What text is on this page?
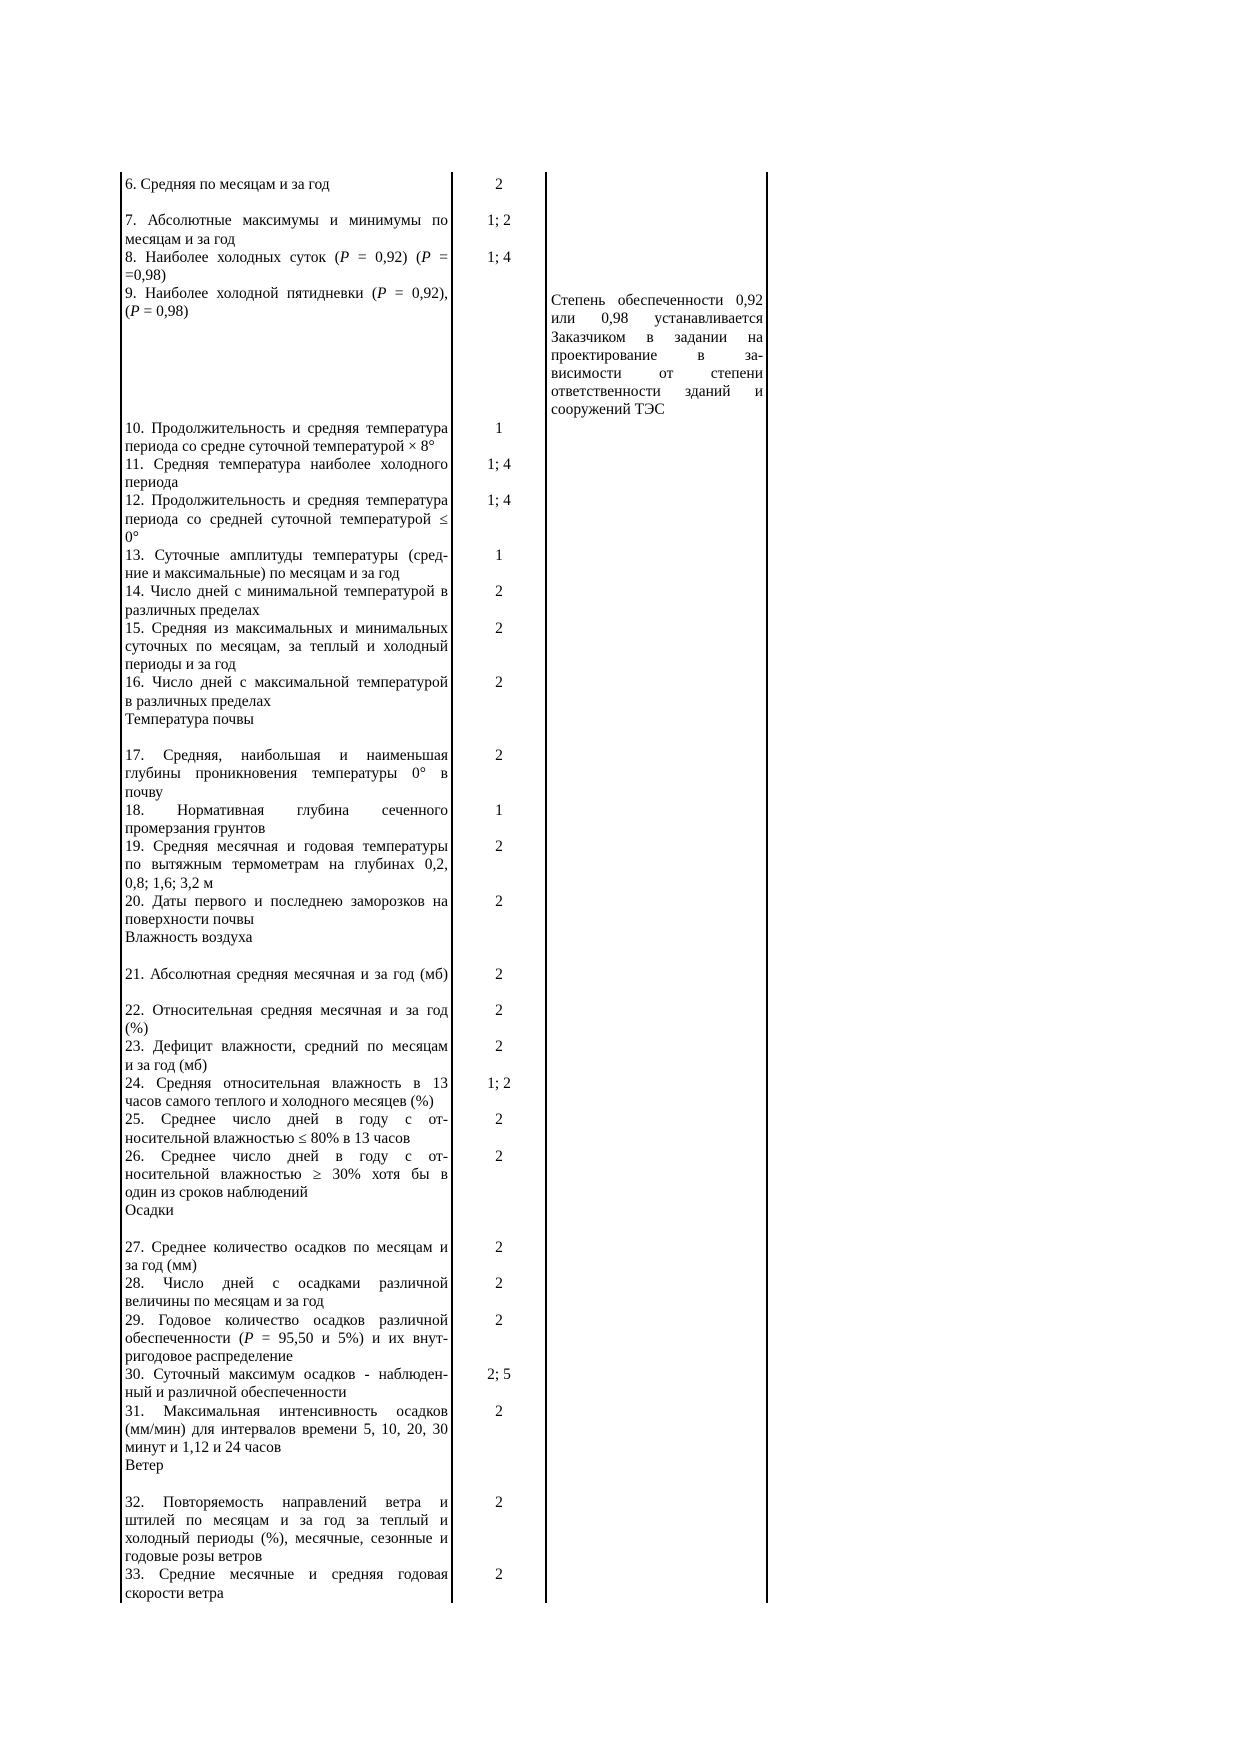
6. Средняя по месяцам и за год	2
7. Абсолютные максимумы и минимумы по
месяцам и за год
1; 2
8. Наиболее холодных суток (P = 0,92) (P =
=0,98)
1; 4
9. Наиболее холодной пятидневки (P = 0,92),
(P = 0,98)
Степень обеспеченности 0,92
или 0,98 устанавливается
Заказчиком в задании на
проектирование в за-
висимости от степени
ответственности зданий и
сооружений ТЭС
10. Продолжительность и средняя температура
периода со средне суточной температурой × 8°
1
11. Средняя температура наиболее холодного
периода
1; 4
12. Продолжительность и средняя температура
периода со средней суточной температурой ≤
0°
1; 4
13. Суточные амплитуды температуры (сред-
ние и максимальные) по месяцам и за год
1
14. Число дней с минимальной температурой в
различных пределах
2
15. Средняя из максимальных и минимальных
суточных по месяцам, за теплый и холодный
периоды и за год
2
16. Число дней с максимальной температурой
в различных пределах
2
Температура почвы
17. Средняя, наибольшая и наименьшая
глубины проникновения температуры 0° в
почву
2
18. Нормативная глубина сеченного
промерзания грунтов
1
19. Средняя месячная и годовая температуры
по вытяжным термометрам на глубинах 0,2,
0,8; 1,6; 3,2 м
2
20. Даты первого и последнею заморозков на
поверхности почвы
2
Влажность воздуха
21. Абсолютная средняя месячная и за год (мб)	2
22. Относительная средняя месячная и за год
(%)
2
23. Дефицит влажности, средний по месяцам
и за год (мб)
2
24. Средняя относительная влажность в 13
часов самого теплого и холодного месяцев (%)
1; 2
25. Среднее число дней в году с от-
носительной влажностью ≤ 80% в 13 часов
2
26. Среднее число дней в году с от-
носительной влажностью ≥ 30% хотя бы в
один из сроков наблюдений
2
Осадки
27. Среднее количество осадков по месяцам и
за год (мм)
2
28. Число дней с осадками различной
величины по месяцам и за год
2
29. Годовое количество осадков различной
обеспеченности (P = 95,50 и 5%) и их внут-
ригодовое распределение
2
30. Суточный максимум осадков - наблюден-
ный и различной обеспеченности
2; 5
31. Максимальная интенсивность осадков
(мм/мин) для интервалов времени 5, 10, 20, 30
минут и 1,12 и 24 часов
2
Ветер
32. Повторяемость направлений ветра и
штилей по месяцам и за год за теплый и
холодный периоды (%), месячные, сезонные и
годовые розы ветров
2
33. Средние месячные и средняя годовая
скорости ветра
2
